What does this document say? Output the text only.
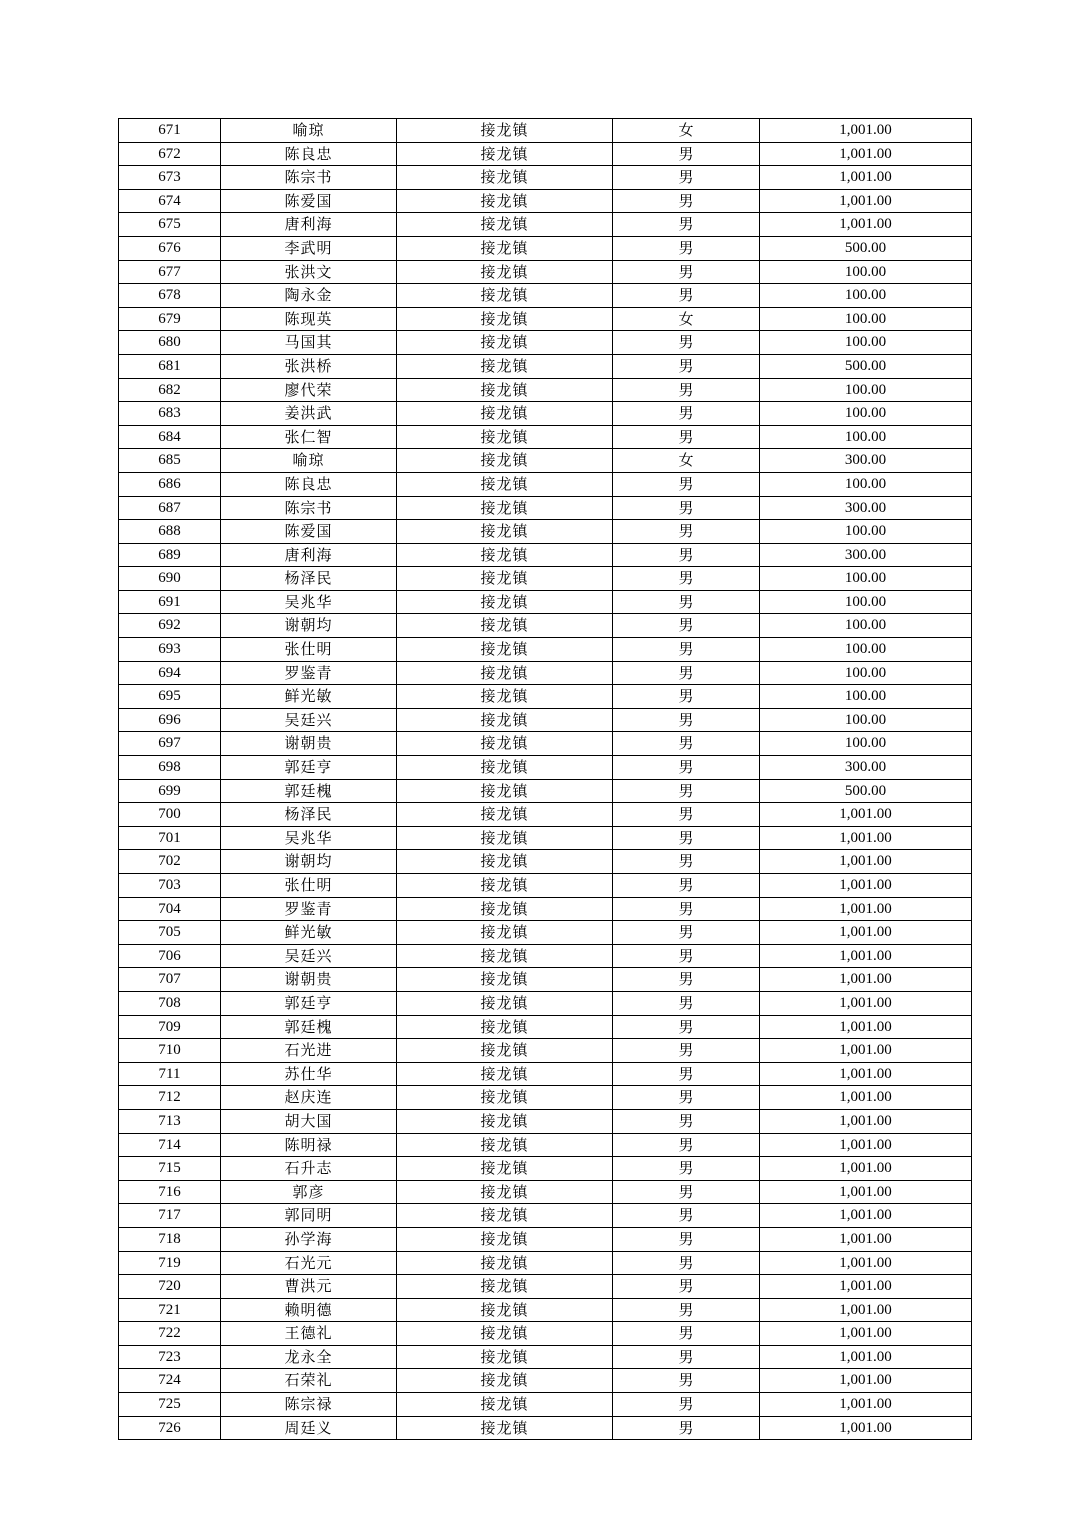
671	喻琼	接龙镇	女	1,001.00
672	陈良忠	接龙镇	男	1,001.00
673	陈宗书	接龙镇	男	1,001.00
674	陈爱国	接龙镇	男	1,001.00
675	唐利海	接龙镇	男	1,001.00
676	李武明	接龙镇	男	500.00
677	张洪文	接龙镇	男	100.00
678	陶永金	接龙镇	男	100.00
679	陈现英	接龙镇	女	100.00
680	马国其	接龙镇	男	100.00
681	张洪桥	接龙镇	男	500.00
682	廖代荣	接龙镇	男	100.00
683	姜洪武	接龙镇	男	100.00
684	张仁智	接龙镇	男	100.00
685	喻琼	接龙镇	女	300.00
686	陈良忠	接龙镇	男	100.00
687	陈宗书	接龙镇	男	300.00
688	陈爱国	接龙镇	男	100.00
689	唐利海	接龙镇	男	300.00
690	杨泽民	接龙镇	男	100.00
691	吴兆华	接龙镇	男	100.00
692	谢朝均	接龙镇	男	100.00
693	张仕明	接龙镇	男	100.00
694	罗鉴青	接龙镇	男	100.00
695	鲜光敏	接龙镇	男	100.00
696	吴廷兴	接龙镇	男	100.00
697	谢朝贵	接龙镇	男	100.00
698	郭廷亨	接龙镇	男	300.00
699	郭廷槐	接龙镇	男	500.00
700	杨泽民	接龙镇	男	1,001.00
701	吴兆华	接龙镇	男	1,001.00
702	谢朝均	接龙镇	男	1,001.00
703	张仕明	接龙镇	男	1,001.00
704	罗鉴青	接龙镇	男	1,001.00
705	鲜光敏	接龙镇	男	1,001.00
706	吴廷兴	接龙镇	男	1,001.00
707	谢朝贵	接龙镇	男	1,001.00
708	郭廷亨	接龙镇	男	1,001.00
709	郭廷槐	接龙镇	男	1,001.00
710	石光进	接龙镇	男	1,001.00
711	苏仕华	接龙镇	男	1,001.00
712	赵庆连	接龙镇	男	1,001.00
713	胡大国	接龙镇	男	1,001.00
714	陈明禄	接龙镇	男	1,001.00
715	石升志	接龙镇	男	1,001.00
716	郭彦	接龙镇	男	1,001.00
717	郭同明	接龙镇	男	1,001.00
718	孙学海	接龙镇	男	1,001.00
719	石光元	接龙镇	男	1,001.00
720	曹洪元	接龙镇	男	1,001.00
721	赖明德	接龙镇	男	1,001.00
722	王德礼	接龙镇	男	1,001.00
723	龙永全	接龙镇	男	1,001.00
724	石荣礼	接龙镇	男	1,001.00
725	陈宗禄	接龙镇	男	1,001.00
726	周廷义	接龙镇	男	1,001.00
